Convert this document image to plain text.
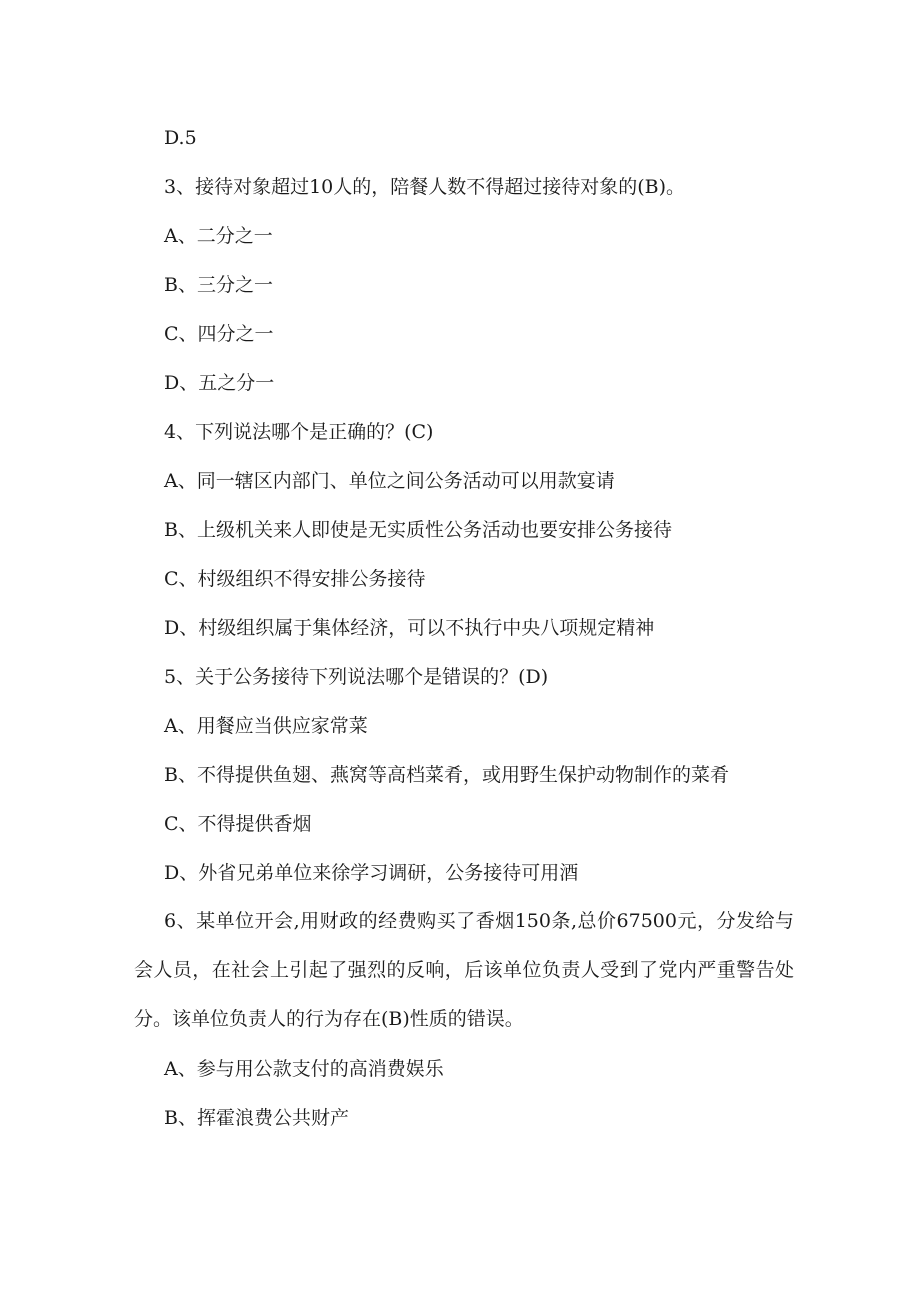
D.5
3、接待对象超过10人的，陪餐人数不得超过接待对象的(B)。
A、二分之一
B、三分之一
C、四分之一
D、五之分一
4、下列说法哪个是正确的？(C)
A、同一辖区内部门、单位之间公务活动可以用款宴请
B、上级机关来人即使是无实质性公务活动也要安排公务接待
C、村级组织不得安排公务接待
D、村级组织属于集体经济，可以不执行中央八项规定精神
5、关于公务接待下列说法哪个是错误的？(D)
A、用餐应当供应家常菜
B、不得提供鱼翅、燕窝等高档菜肴，或用野生保护动物制作的菜肴
C、不得提供香烟
D、外省兄弟单位来徐学习调研，公务接待可用酒
6、某单位开会,用财政的经费购买了香烟150条,总价67500元，分发给与会人员，在社会上引起了强烈的反响，后该单位负责人受到了党内严重警告处分。该单位负责人的行为存在(B)性质的错误。
A、参与用公款支付的高消费娱乐
B、挥霍浪费公共财产
